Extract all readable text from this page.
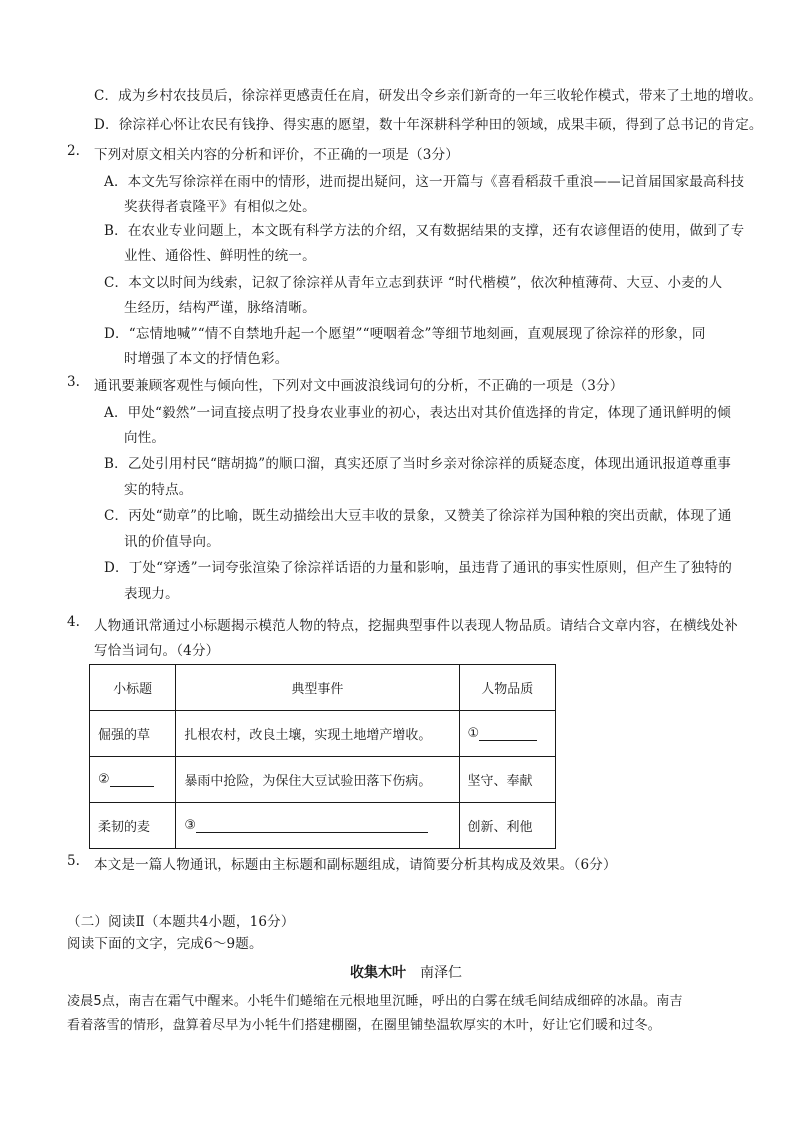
C．成为乡村农技员后，徐淙祥更感责任在肩，研发出令乡亲们新奇的一年三收轮作模式，带来了土地的增收。
D．徐淙祥心怀让农民有钱挣、得实惠的愿望，数十年深耕科学种田的领域，成果丰硕，得到了总书记的肯定。
2. 下列对原文相关内容的分析和评价，不正确的一项是（3分）
A．本文先写徐淙祥在雨中的情形，进而提出疑问，这一开篇与《喜看稻菽千重浪——记首届国家最高科技
奖获得者袁隆平》有相似之处。
B．在农业专业问题上，本文既有科学方法的介绍，又有数据结果的支撑，还有农谚俚语的使用，做到了专
业性、通俗性、鲜明性的统一。
C．本文以时间为线索，记叙了徐淙祥从青年立志到获评 “时代楷模”，依次种植薄荷、大豆、小麦的人
生经历，结构严谨，脉络清晰。
D．“忘情地喊”“情不自禁地升起一个愿望”“哽咽着念”等细节地刻画，直观展现了徐淙祥的形象，同
时增强了本文的抒情色彩。
3. 通讯要兼顾客观性与倾向性，下列对文中画波浪线词句的分析，不正确的一项是（3分）
A．甲处“毅然”一词直接点明了投身农业事业的初心，表达出对其价值选择的肯定，体现了通讯鲜明的倾
向性。
B．乙处引用村民“瞎胡捣”的顺口溜，真实还原了当时乡亲对徐淙祥的质疑态度，体现出通讯报道尊重事
实的特点。
C．丙处“勋章”的比喻，既生动描绘出大豆丰收的景象，又赞美了徐淙祥为国种粮的突出贡献，体现了通
讯的价值导向。
D．丁处“穿透”一词夸张渲染了徐淙祥话语的力量和影响，虽违背了通讯的事实性原则，但产生了独特的
表现力。
4. 人物通讯常通过小标题揭示模范人物的特点，挖掘典型事件以表现人物品质。请结合文章内容，在横线处补
写恰当词句。（4分）
小标题	典型事件	人物品质
倔强的草	扎根农村，改良土壤，实现土地增产增收。	①
②	暴雨中抢险，为保住大豆试验田落下伤病。	坚守、奉献
柔韧的麦	③	创新、利他
5. 本文是一篇人物通讯，标题由主标题和副标题组成，请简要分析其构成及效果。（6分）
（二）阅读Ⅱ（本题共4小题，16分）
阅读下面的文字，完成6～9题。
收集木叶 南泽仁
凌晨5点，南吉在霜气中醒来。小牦牛们蜷缩在元根地里沉睡，呼出的白雾在绒毛间结成细碎的冰晶。南吉
看着落雪的情形，盘算着尽早为小牦牛们搭建棚圈，在圈里铺垫温软厚实的木叶，好让它们暖和过冬。
